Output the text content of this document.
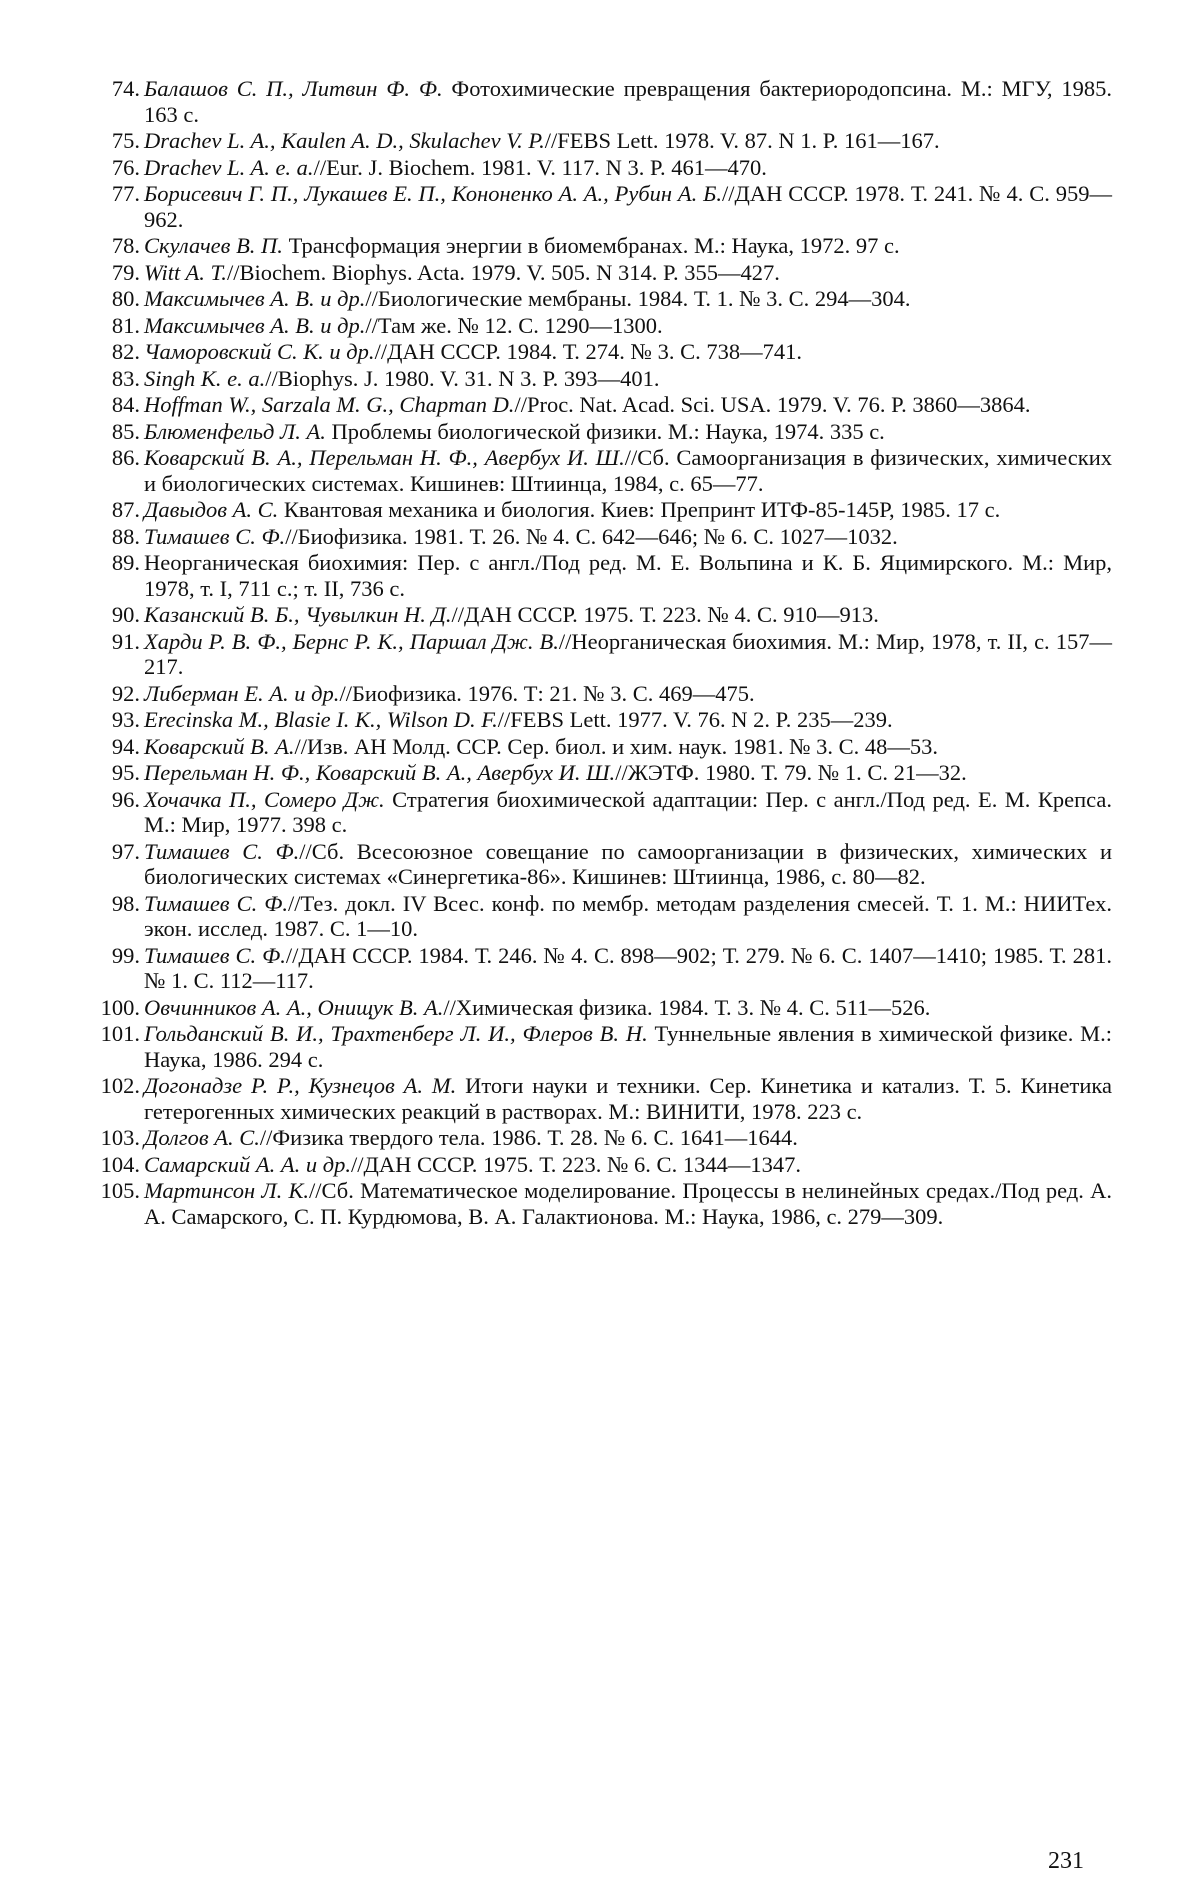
74. Балашов С. П., Литвин Ф. Ф. Фотохимические превращения бактериородопсина. М.: МГУ, 1985. 163 с.
75. Drachev L. A., Kaulen A. D., Skulachev V. P.//FEBS Lett. 1978. V. 87. N 1. P. 161—167.
76. Drachev L. A. e. a.//Eur. J. Biochem. 1981. V. 117. N 3. P. 461—470.
77. Борисевич Г. П., Лукашев Е. П., Кононенко А. А., Рубин А. Б.//ДАН СССР. 1978. Т. 241. № 4. С. 959—962.
78. Скулачев В. П. Трансформация энергии в биомембранах. М.: Наука, 1972. 97 с.
79. Witt A. T.//Biochem. Biophys. Acta. 1979. V. 505. N 314. P. 355—427.
80. Максимычев А. В. и др.//Биологические мембраны. 1984. Т. 1. № 3. С. 294—304.
81. Максимычев А. В. и др.//Там же. № 12. С. 1290—1300.
82. Чаморовский С. К. и др.//ДАН СССР. 1984. Т. 274. № 3. С. 738—741.
83. Singh K. e. a.//Biophys. J. 1980. V. 31. N 3. P. 393—401.
84. Hoffman W., Sarzala M. G., Chapman D.//Proc. Nat. Acad. Sci. USA. 1979. V. 76. P. 3860—3864.
85. Блюменфельд Л. А. Проблемы биологической физики. М.: Наука, 1974. 335 с.
86. Коварский В. А., Перельман Н. Ф., Авербух И. Ш.//Сб. Самоорганизация в физических, химических и биологических системах. Кишинев: Штиинца, 1984, с. 65—77.
87. Давыдов А. С. Квантовая механика и биология. Киев: Препринт ИТФ-85-145Р, 1985. 17 с.
88. Тимашев С. Ф.//Биофизика. 1981. Т. 26. № 4. С. 642—646; № 6. С. 1027—1032.
89. Неорганическая биохимия: Пер. с англ./Под ред. М. Е. Вольпина и К. Б. Яцимирского. М.: Мир, 1978, т. I, 711 с.; т. II, 736 с.
90. Казанский В. Б., Чувылкин Н. Д.//ДАН СССР. 1975. Т. 223. № 4. С. 910—913.
91. Харди Р. В. Ф., Бернс Р. К., Паршал Дж. В.//Неорганическая биохимия. М.: Мир, 1978, т. II, с. 157—217.
92. Либерман Е. А. и др.//Биофизика. 1976. Т: 21. № 3. С. 469—475.
93. Erecinska M., Blasie I. K., Wilson D. F.//FEBS Lett. 1977. V. 76. N 2. P. 235—239.
94. Коварский В. А.//Изв. АН Молд. ССР. Сер. биол. и хим. наук. 1981. № 3. С. 48—53.
95. Перельман Н. Ф., Коварский В. А., Авербух И. Ш.//ЖЭТФ. 1980. Т. 79. № 1. С. 21—32.
96. Хочачка П., Сомеро Дж. Стратегия биохимической адаптации: Пер. с англ./Под ред. Е. М. Крепса. М.: Мир, 1977. 398 с.
97. Тимашев С. Ф.//Сб. Всесоюзное совещание по самоорганизации в физических, химических и биологических системах «Синергетика-86». Кишинев: Штиинца, 1986, с. 80—82.
98. Тимашев С. Ф.//Тез. докл. IV Всес. конф. по мембр. методам разделения смесей. Т. 1. М.: НИИТех. экон. исслед. 1987. С. 1—10.
99. Тимашев С. Ф.//ДАН СССР. 1984. Т. 246. № 4. С. 898—902; Т. 279. № 6. С. 1407—1410; 1985. Т. 281. № 1. С. 112—117.
100. Овчинников А. А., Онищук В. А.//Химическая физика. 1984. Т. 3. № 4. С. 511—526.
101. Гольданский В. И., Трахтенберг Л. И., Флеров В. Н. Туннельные явления в химической физике. М.: Наука, 1986. 294 с.
102. Догонадзе Р. Р., Кузнецов А. М. Итоги науки и техники. Сер. Кинетика и катализ. Т. 5. Кинетика гетерогенных химических реакций в растворах. М.: ВИНИТИ, 1978. 223 с.
103. Долгов А. С.//Физика твердого тела. 1986. Т. 28. № 6. С. 1641—1644.
104. Самарский А. А. и др.//ДАН СССР. 1975. Т. 223. № 6. С. 1344—1347.
105. Мартинсон Л. К.//Сб. Математическое моделирование. Процессы в нелинейных средах./Под ред. А. А. Самарского, С. П. Курдюмова, В. А. Галактионова. М.: Наука, 1986, с. 279—309.
231
